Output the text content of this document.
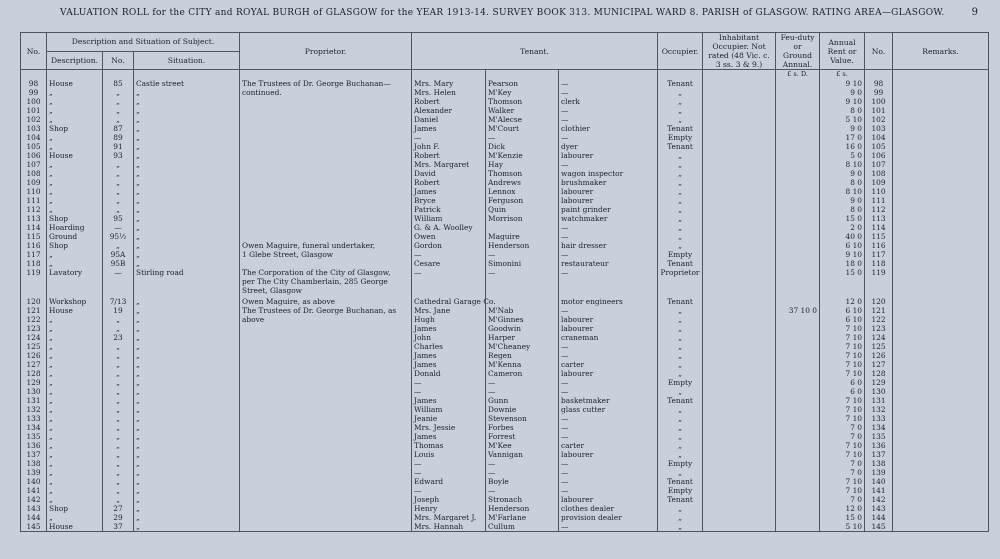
VALUATION ROLL for the CITY and ROYAL BURGH of GLASGOW for the YEAR 1913-14. SURVEY BOOK 313. MUNICIPAL WARD 8. PARISH of GLASGOW. RATING AREA—GLASGOW.	9
No.	Description and Situation of Subject.			Proprietor.	Tenant.			Occupier.	Inhabitant Occupier. Not rated (48 Vic. c. 3 ss. 3 & 9.)	Feu-duty or Ground Annual.	Annual Rent or Value.	No.	Remarks.
	Description.	No.	Situation.										
										£ s. D.	£ s.		
98	House	85	Castle street	The Trustees of Dr. George Buchanan—	Mrs. Mary	Pearson	—	Tenant			9 10	98	
99	„	„	„	continued.	Mrs. Helen	M'Key	—	„			9 0	99	
100	„	„	„		Robert	Thomson	clerk	„			9 10	100	
101	„	„	„		Alexander	Walker	—	„			8 0	101	
102	„	„	„		Daniel	M'Alecse	—	„			5 10	102	
103	Shop	87	„		James	M'Court	clothier	Tenant			9 0	103	
104	„	89	„		—	—	—	Empty			17 0	104	
105	„	91	„		John F.	Dick	dyer	Tenant			16 0	105	
106	House	93	„		Robert	M'Kenzie	labourer	„			5 0	106	
107	„	„	„		Mrs. Margaret	Hay	—	„			8 10	107	
108	„	„	„		David	Thomson	wagon inspector	„			9 0	108	
109	„	„	„		Robert	Andrews	brushmaker	„			8 0	109	
110	„	„	„		James	Lennox	labourer	„			8 10	110	
111	„	„	„		Bryce	Ferguson	labourer	„			9 0	111	
112	„	„	„		Patrick	Quin	paint grinder	„			8 0	112	
113	Shop	95	„		William	Morrison	watchmaker	„			15 0	113	
114	Hoarding	—	„		G. & A. Woolley		—	„			2 0	114	
115	Ground	95½	„		Owen	Maguire	—	„			40 0	115	
116	Shop	„	„	Owen Maguire, funeral undertaker,	Gordon	Henderson	hair dresser	„			6 10	116	
117	„	95A	„	1 Glebe Street, Glasgow	—	—	—	Empty			9 10	117	
118	„	95B	„		Cesare	Simonini	restaurateur	Tenant			18 0	118	
119	Lavatory	—	Stirling road	The Corporation of the City of Glasgow,	—	—	—	Proprietor			15 0	119	
				per The City Chamberlain, 285 George									
				Street, Glasgow									

120	Workshop	7/13	„	Owen Maguire, as above	Cathedral Garage Co.		motor engineers	Tenant			12 0	120	
121	House	19	„	The Trustees of Dr. George Buchanan, as	Mrs. Jane	M'Nab	—	„		37 10 0	6 10	121	
122	„	„	„	above	Hugh	M'Ginnes	labourer	„			6 10	122	
123	„	„	„		James	Goodwin	labourer	„			7 10	123	
124	„	23	„		John	Harper	craneman	„			7 10	124	
125	„	„	„		Charles	M'Cheaney	—	„			7 10	125	
126	„	„	„		James	Regen	—	„			7 10	126	
127	„	„	„		James	M'Kenna	carter	„			7 10	127	
128	„	„	„		Donald	Cameron	labourer	„			7 10	128	
129	„	„	„		—	—	—	Empty			6 0	129	
130	„	„	„		—	—	—	„			6 0	130	
131	„	„	„		James	Gunn	basketmaker	Tenant			7 10	131	
132	„	„	„		William	Downie	glass cutter	„			7 10	132	
133	„	„	„		Jeanie	Stevenson	—	„			7 10	133	
134	„	„	„		Mrs. Jessie	Forbes	—	„			7 0	134	
135	„	„	„		James	Forrest	—	„			7 0	135	
136	„	„	„		Thomas	M'Kee	carter	„			7 10	136	
137	„	„	„		Louis	Vannigan	labourer	„			7 10	137	
138	„	„	„		—	—	—	Empty			7 0	138	
139	„	„	„		—	—	—	„			7 0	139	
140	„	„	„		Edward	Boyle	—	Tenant			7 10	140	
141	„	„	„		—	—	—	Empty			7 10	141	
142	„	„	„		Joseph	Stronach	labourer	Tenant			7 0	142	
143	Shop	27	„		Henry	Henderson	clothes dealer	„			12 0	143	
144	„	29	„		Mrs. Margaret J.	M'Farlane	provision dealer	„			15 0	144	
145	House	37	„		Mrs. Hannah	Cullum	—	„			5 10	145	
